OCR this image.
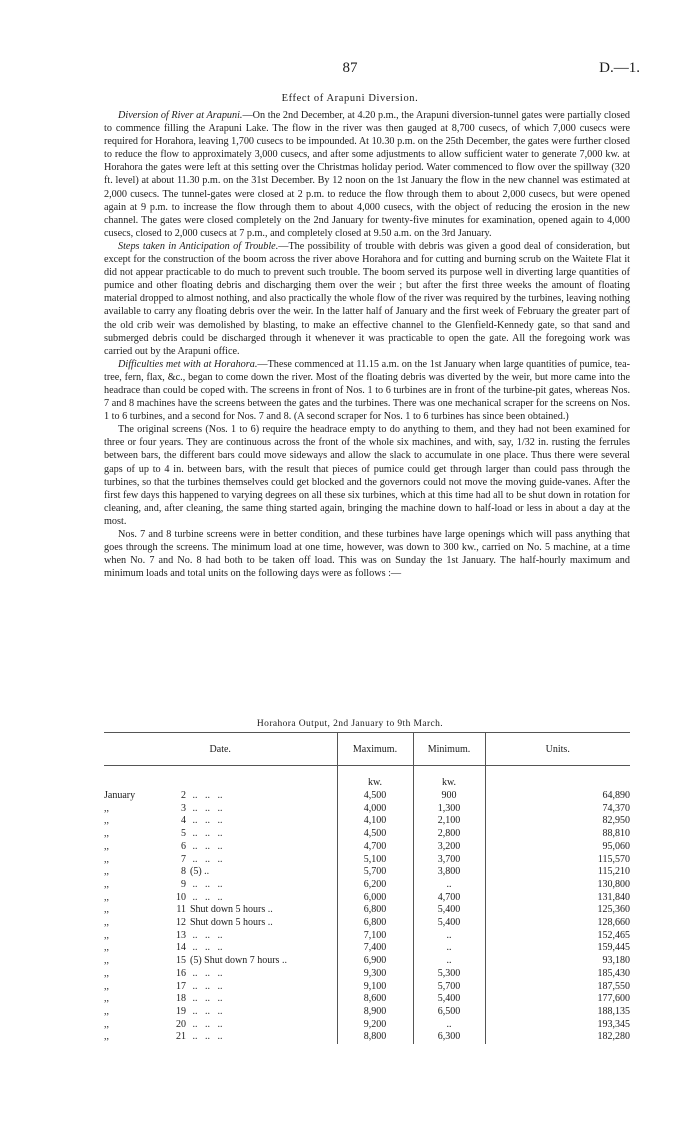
87	D.—1.
Effect of Arapuni Diversion.

Diversion of River at Arapuni.—On the 2nd December, at 4.20 p.m., the Arapuni diversion-tunnel gates were partially closed to commence filling the Arapuni Lake. The flow in the river was then gauged at 8,700 cusecs, of which 7,000 cusecs were required for Horahora, leaving 1,700 cusecs to be impounded. At 10.30 p.m. on the 25th December, the gates were further closed to reduce the flow to approximately 3,000 cusecs, and after some adjustments to allow sufficient water to generate 7,000 kw. at Horahora the gates were left at this setting over the Christmas holiday period. Water commenced to flow over the spillway (320 ft. level) at about 11.30 p.m. on the 31st December. By 12 noon on the 1st January the flow in the new channel was estimated at 2,000 cusecs. The tunnel-gates were closed at 2 p.m. to reduce the flow through them to about 2,000 cusecs, but were opened again at 9 p.m. to increase the flow through them to about 4,000 cusecs, with the object of reducing the erosion in the new channel. The gates were closed completely on the 2nd January for twenty-five minutes for examination, opened again to 4,000 cusecs, closed to 2,000 cusecs at 7 p.m., and completely closed at 9.50 a.m. on the 3rd January.

Steps taken in Anticipation of Trouble.—The possibility of trouble with debris was given a good deal of consideration, but except for the construction of the boom across the river above Horahora and for cutting and burning scrub on the Waitete Flat it did not appear practicable to do much to prevent such trouble. The boom served its purpose well in diverting large quantities of pumice and other floating debris and discharging them over the weir ; but after the first three weeks the amount of floating material dropped to almost nothing, and also practically the whole flow of the river was required by the turbines, leaving nothing available to carry any floating debris over the weir. In the latter half of January and the first week of February the greater part of the old crib weir was demolished by blasting, to make an effective channel to the Glenfield-Kennedy gate, so that sand and submerged debris could be discharged through it whenever it was practicable to open the gate. All the foregoing work was carried out by the Arapuni office.

Difficulties met with at Horahora.—These commenced at 11.15 a.m. on the 1st January when large quantities of pumice, tea-tree, fern, flax, &c., began to come down the river. Most of the floating debris was diverted by the weir, but more came into the headrace than could be coped with. The screens in front of Nos. 1 to 6 turbines are in front of the turbine-pit gates, whereas Nos. 7 and 8 machines have the screens between the gates and the turbines. There was one mechanical scraper for the screens on Nos. 1 to 6 turbines, and a second for Nos. 7 and 8. (A second scraper for Nos. 1 to 6 turbines has since been obtained.)

The original screens (Nos. 1 to 6) require the headrace empty to do anything to them, and they had not been examined for three or four years. They are continuous across the front of the whole six machines, and with, say, 1/32 in. rusting the ferrules between bars, the different bars could move sideways and allow the slack to accumulate in one place. Thus there were several gaps of up to 4 in. between bars, with the result that pieces of pumice could get through larger than could pass through the turbines, so that the turbines themselves could get blocked and the governors could not move the moving guide-vanes. After the first few days this happened to varying degrees on all these six turbines, which at this time had all to be shut down in rotation for cleaning, and, after cleaning, the same thing started again, bringing the machine down to half-load or less in about a day at the most.

Nos. 7 and 8 turbine screens were in better condition, and these turbines have large openings which will pass anything that goes through the screens. The minimum load at one time, however, was down to 300 kw., carried on No. 5 machine, at a time when No. 7 and No. 8 had both to be taken off load. This was on Sunday the 1st January. The half-hourly maximum and minimum loads and total units on the following days were as follows :—

Horahora Output, 2nd January to 9th March.
Date.	Maximum.	Minimum.	Units.

	kw.	kw.	
January 2 ..   ..   ..	4,500	900	64,890
,, 3 ..   ..   ..	4,000	1,300	74,370
,, 4 ..   ..   ..	4,100	2,100	82,950
,, 5 ..   ..   ..	4,500	2,800	88,810
,, 6 ..   ..   ..	4,700	3,200	95,060
,, 7 ..   ..   ..	5,100	3,700	115,570
,, 8 (5) ..	5,700	3,800	115,210
,, 9 ..   ..   ..	6,200	..	130,800
,, 10 ..   ..   ..	6,000	4,700	131,840
,, 11 Shut down 5 hours ..	6,800	5,400	125,360
,, 12 Shut down 5 hours ..	6,800	5,400	128,660
,, 13 ..   ..   ..	7,100	..	152,465
,, 14 ..   ..   ..	7,400	..	159,445
,, 15 (5) Shut down 7 hours ..	6,900	..	93,180
,, 16 ..   ..   ..	9,300	5,300	185,430
,, 17 ..   ..   ..	9,100	5,700	187,550
,, 18 ..   ..   ..	8,600	5,400	177,600
,, 19 ..   ..   ..	8,900	6,500	188,135
,, 20 ..   ..   ..	9,200	..	193,345
,, 21 ..   ..   ..	8,800	6,300	182,280
